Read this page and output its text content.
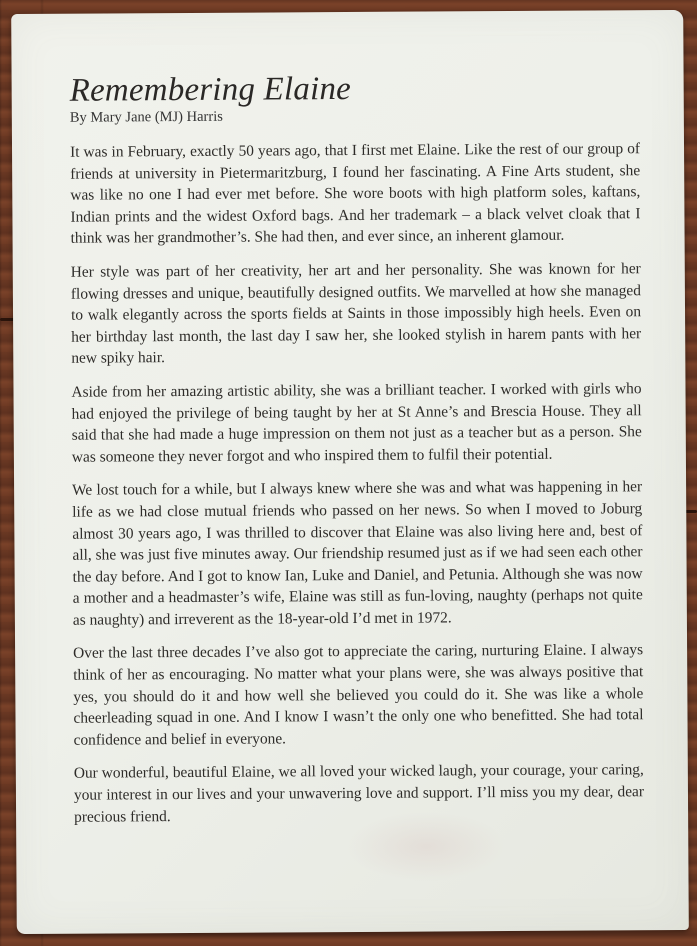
Remembering Elaine

By Mary Jane (MJ) Harris

It was in February, exactly 50 years ago, that I first met Elaine. Like the rest of our group of friends at university in Pietermaritzburg, I found her fascinating. A Fine Arts student, she was like no one I had ever met before. She wore boots with high platform soles, kaftans, Indian prints and the widest Oxford bags. And her trademark – a black velvet cloak that I think was her grandmother’s. She had then, and ever since, an inherent glamour.

Her style was part of her creativity, her art and her personality. She was known for her flowing dresses and unique, beautifully designed outfits. We marvelled at how she managed to walk elegantly across the sports fields at Saints in those impossibly high heels. Even on her birthday last month, the last day I saw her, she looked stylish in harem pants with her new spiky hair.

Aside from her amazing artistic ability, she was a brilliant teacher. I worked with girls who had enjoyed the privilege of being taught by her at St Anne’s and Brescia House. They all said that she had made a huge impression on them not just as a teacher but as a person. She was someone they never forgot and who inspired them to fulfil their potential.

We lost touch for a while, but I always knew where she was and what was happening in her life as we had close mutual friends who passed on her news. So when I moved to Joburg almost 30 years ago, I was thrilled to discover that Elaine was also living here and, best of all, she was just five minutes away. Our friendship resumed just as if we had seen each other the day before. And I got to know Ian, Luke and Daniel, and Petunia. Although she was now a mother and a headmaster’s wife, Elaine was still as fun-loving, naughty (perhaps not quite as naughty) and irreverent as the 18-year-old I’d met in 1972.

Over the last three decades I’ve also got to appreciate the caring, nurturing Elaine. I always think of her as encouraging. No matter what your plans were, she was always positive that yes, you should do it and how well she believed you could do it. She was like a whole cheerleading squad in one. And I know I wasn’t the only one who benefitted. She had total confidence and belief in everyone.

Our wonderful, beautiful Elaine, we all loved your wicked laugh, your courage, your caring, your interest in our lives and your unwavering love and support. I’ll miss you my dear, dear precious friend.
